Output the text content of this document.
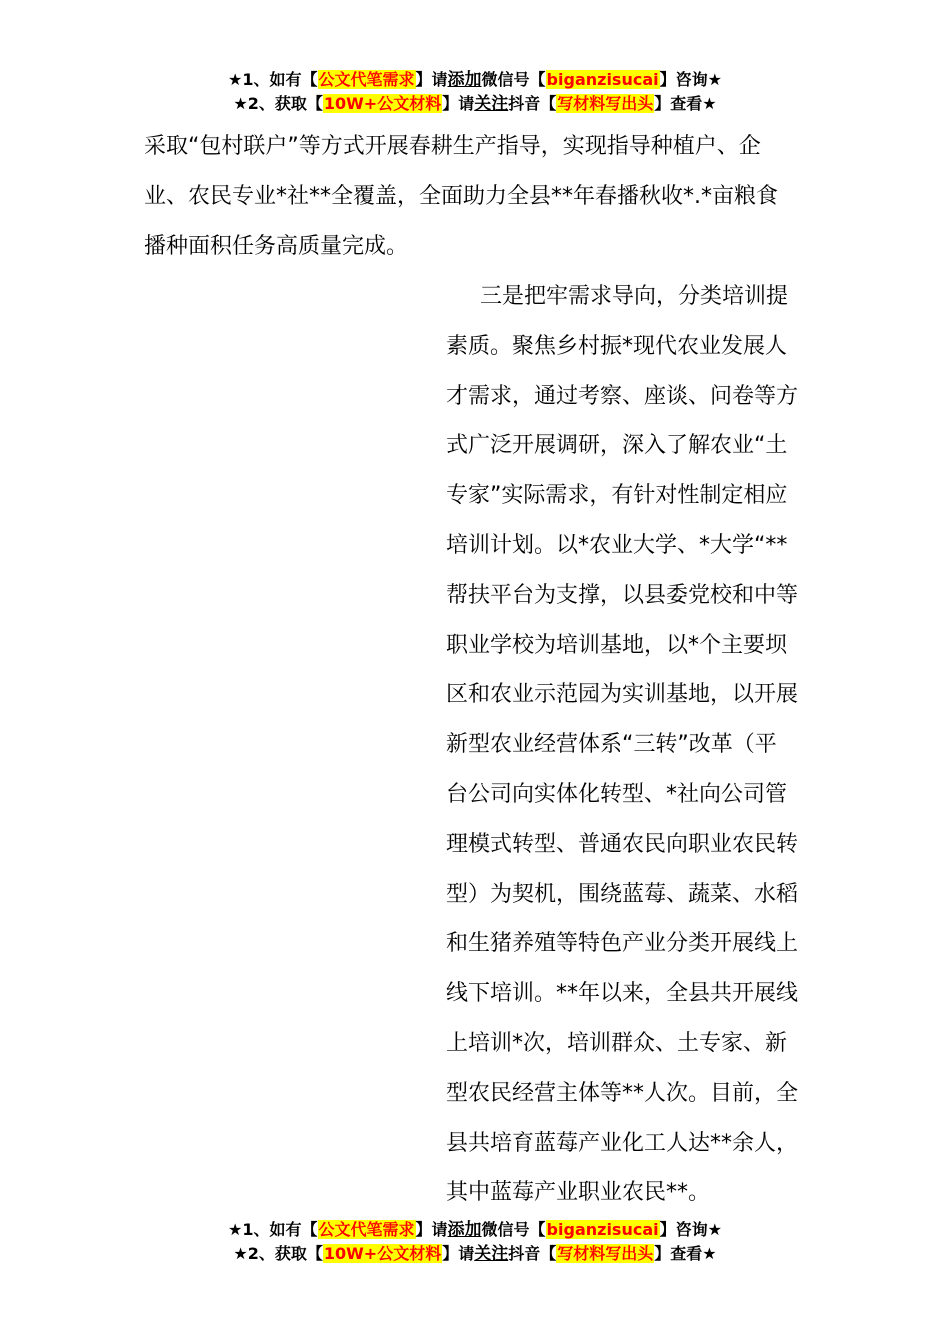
★1、如有【公文代笔需求】请添加微信号【biganzisucai】咨询★
★2、获取【10W+公文材料】请关注抖音【写材料写出头】查看★
采取“包村联户”等方式开展春耕生产指导，实现指导种植户、企
业、农民专业*社**全覆盖，全面助力全县**年春播秋收*.*亩粮食
播种面积任务高质量完成。
三是把牢需求导向，分类培训提
素质。聚焦乡村振*现代农业发展人
才需求，通过考察、座谈、问卷等方
式广泛开展调研，深入了解农业“土
专家”实际需求，有针对性制定相应
培训计划。以*农业大学、*大学“**
帮扶平台为支撑，以县委党校和中等
职业学校为培训基地，以*个主要坝
区和农业示范园为实训基地，以开展
新型农业经营体系“三转”改革（平
台公司向实体化转型、*社向公司管
理模式转型、普通农民向职业农民转
型）为契机，围绕蓝莓、蔬菜、水稻
和生猪养殖等特色产业分类开展线上
线下培训。**年以来，全县共开展线
上培训*次，培训群众、土专家、新
型农民经营主体等**人次。目前，全
县共培育蓝莓产业化工人达**余人，
其中蓝莓产业职业农民**。
★1、如有【公文代笔需求】请添加微信号【biganzisucai】咨询★
★2、获取【10W+公文材料】请关注抖音【写材料写出头】查看★
